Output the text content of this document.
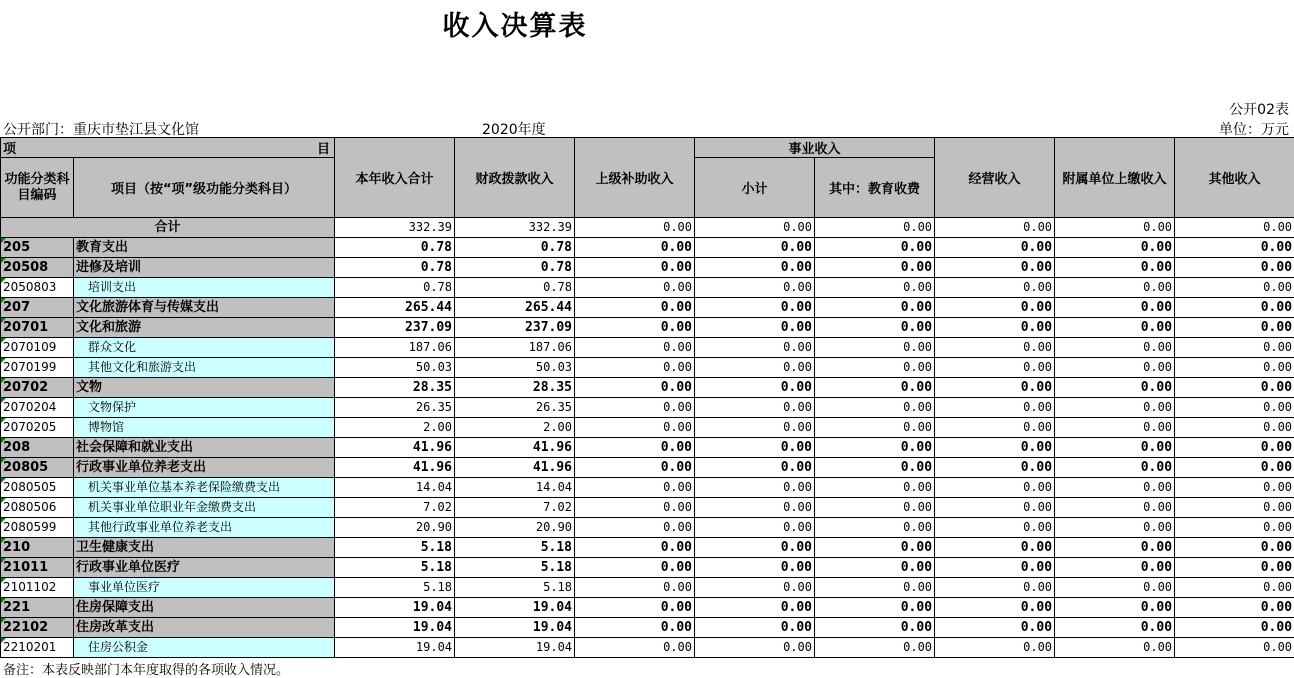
收入决算表
公开部门：重庆市垫江县文化馆	2020年度
公开02表
单位：万元
项 目		本年收入合计	财政拨款收入	上级补助收入	事业收入		经营收入	附属单位上缴收入	其他收入
功能分类科目编码	项目（按“项”级功能分类科目）				小计	其中：教育收费			

合计		332.39	332.39	0.00	0.00	0.00	0.00	0.00	0.00
205	教育支出	0.78	0.78	0.00	0.00	0.00	0.00	0.00	0.00
20508	进修及培训	0.78	0.78	0.00	0.00	0.00	0.00	0.00	0.00
2050803	培训支出	0.78	0.78	0.00	0.00	0.00	0.00	0.00	0.00
207	文化旅游体育与传媒支出	265.44	265.44	0.00	0.00	0.00	0.00	0.00	0.00
20701	文化和旅游	237.09	237.09	0.00	0.00	0.00	0.00	0.00	0.00
2070109	群众文化	187.06	187.06	0.00	0.00	0.00	0.00	0.00	0.00
2070199	其他文化和旅游支出	50.03	50.03	0.00	0.00	0.00	0.00	0.00	0.00
20702	文物	28.35	28.35	0.00	0.00	0.00	0.00	0.00	0.00
2070204	文物保护	26.35	26.35	0.00	0.00	0.00	0.00	0.00	0.00
2070205	博物馆	2.00	2.00	0.00	0.00	0.00	0.00	0.00	0.00
208	社会保障和就业支出	41.96	41.96	0.00	0.00	0.00	0.00	0.00	0.00
20805	行政事业单位养老支出	41.96	41.96	0.00	0.00	0.00	0.00	0.00	0.00
2080505	机关事业单位基本养老保险缴费支出	14.04	14.04	0.00	0.00	0.00	0.00	0.00	0.00
2080506	机关事业单位职业年金缴费支出	7.02	7.02	0.00	0.00	0.00	0.00	0.00	0.00
2080599	其他行政事业单位养老支出	20.90	20.90	0.00	0.00	0.00	0.00	0.00	0.00
210	卫生健康支出	5.18	5.18	0.00	0.00	0.00	0.00	0.00	0.00
21011	行政事业单位医疗	5.18	5.18	0.00	0.00	0.00	0.00	0.00	0.00
2101102	事业单位医疗	5.18	5.18	0.00	0.00	0.00	0.00	0.00	0.00
221	住房保障支出	19.04	19.04	0.00	0.00	0.00	0.00	0.00	0.00
22102	住房改革支出	19.04	19.04	0.00	0.00	0.00	0.00	0.00	0.00
2210201	住房公积金	19.04	19.04	0.00	0.00	0.00	0.00	0.00	0.00
备注：本表反映部门本年度取得的各项收入情况。
